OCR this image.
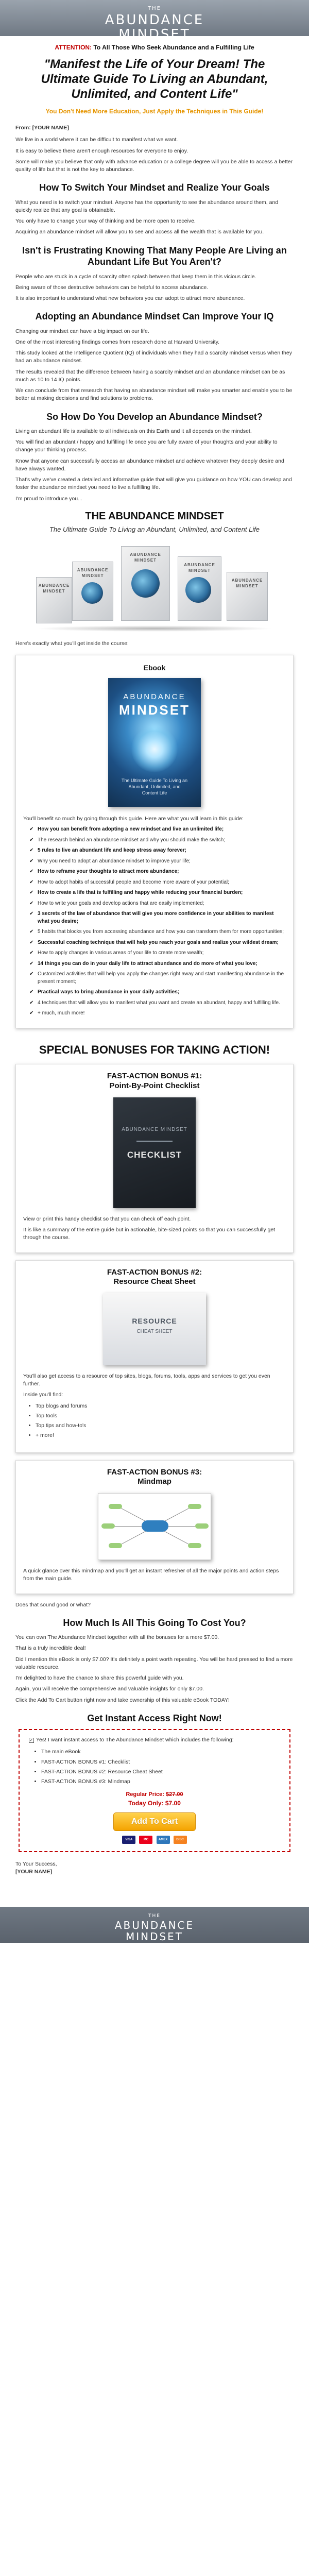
THE
ABUNDANCE
MINDSET
ATTENTION: To All Those Who Seek Abundance and a Fulfilling Life
"Manifest the Life of Your Dream! The Ultimate Guide To Living an Abundant, Unlimited, and Content Life"
You Don't Need More Education, Just Apply the Techniques in This Guide!

From: [YOUR NAME]

We live in a world where it can be difficult to manifest what we want.

It is easy to believe there aren't enough resources for everyone to enjoy.

Some will make you believe that only with advance education or a college degree will you be able to access a better quality of life but that is not the key to abundance.

How To Switch Your Mindset and Realize Your Goals

What you need is to switch your mindset. Anyone has the opportunity to see the abundance around them, and quickly realize that any goal is obtainable.

You only have to change your way of thinking and be more open to receive.

Acquiring an abundance mindset will allow you to see and access all the wealth that is available for you.

Isn't is Frustrating Knowing That Many People Are Living an Abundant Life But You Aren't?

People who are stuck in a cycle of scarcity often splash between that keep them in this vicious circle.

Being aware of those destructive behaviors can be helpful to access abundance.

It is also important to understand what new behaviors you can adopt to attract more abundance.

Adopting an Abundance Mindset Can Improve Your IQ

Changing our mindset can have a big impact on our life.

One of the most interesting findings comes from research done at Harvard University.

This study looked at the Intelligence Quotient (IQ) of individuals when they had a scarcity mindset versus when they had an abundance mindset.

The results revealed that the difference between having a scarcity mindset and an abundance mindset can be as much as 10 to 14 IQ points.

We can conclude from that research that having an abundance mindset will make you smarter and enable you to be better at making decisions and find solutions to problems.

So How Do You Develop an Abundance Mindset?

Living an abundant life is available to all individuals on this Earth and it all depends on the mindset.

You will find an abundant / happy and fulfilling life once you are fully aware of your thoughts and your ability to change your thinking process.

Know that anyone can successfully access an abundance mindset and achieve whatever they deeply desire and have always wanted.

That's why we've created a detailed and informative guide that will give you guidance on how YOU can develop and foster the abundance mindset you need to live a fulfilling life.

I'm proud to introduce you...

THE ABUNDANCE MINDSET
The Ultimate Guide To Living an Abundant, Unlimited, and Content Life
ABUNDANCE MINDSET
ABUNDANCE MINDSET
ABUNDANCE MINDSET
ABUNDANCE MINDSET
ABUNDANCE MINDSET

Here's exactly what you'll get inside the course:

Ebook
ABUNDANCE
MINDSET
The Ultimate Guide To Living an Abundant, Unlimited, and Content Life

You'll benefit so much by going through this guide. Here are what you will learn in this guide:

✔ How you can benefit from adopting a new mindset and live an unlimited life;
✔ The research behind an abundance mindset and why you should make the switch;
✔ 5 rules to live an abundant life and keep stress away forever;
✔ Why you need to adopt an abundance mindset to improve your life;
✔ How to reframe your thoughts to attract more abundance;
✔ How to adopt habits of successful people and become more aware of your potential;
✔ How to create a life that is fulfilling and happy while reducing your financial burden;
✔ How to write your goals and develop actions that are easily implemented;
✔ 3 secrets of the law of abundance that will give you more confidence in your abilities to manifest what you desire;
✔ 5 habits that blocks you from accessing abundance and how you can transform them for more opportunities;
✔ Successful coaching technique that will help you reach your goals and realize your wildest dream;
✔ How to apply changes in various areas of your life to create more wealth;
✔ 14 things you can do in your daily life to attract abundance and do more of what you love;
✔ Customized activities that will help you apply the changes right away and start manifesting abundance in the present moment;
✔ Practical ways to bring abundance in your daily activities;
✔ 4 techniques that will allow you to manifest what you want and create an abundant, happy and fulfilling life.
✔ + much, much more!
SPECIAL BONUSES FOR TAKING ACTION!
FAST-ACTION BONUS #1:
Point-By-Point Checklist
ABUNDANCE MINDSET
CHECKLIST

View or print this handy checklist so that you can check off each point.

It is like a summary of the entire guide but in actionable, bite-sized points so that you can successfully get through the course.

FAST-ACTION BONUS #2:
Resource Cheat Sheet
RESOURCE
CHEAT SHEET

You'll also get access to a resource of top sites, blogs, forums, tools, apps and services to get you even further.

Inside you'll find:

• Top blogs and forums
• Top tools
• Top tips and how-to's
• + more!
FAST-ACTION BONUS #3:
Mindmap

A quick glance over this mindmap and you'll get an instant refresher of all the major points and action steps from the main guide.

Does that sound good or what?

How Much Is All This Going To Cost You?

You can own The Abundance Mindset together with all the bonuses for a mere $7.00.

That is a truly incredible deal!

Did I mention this eBook is only $7.00? It's definitely a point worth repeating. You will be hard pressed to find a more valuable resource.

I'm delighted to have the chance to share this powerful guide with you.

Again, you will receive the comprehensive and valuable insights for only $7.00.

Click the Add To Cart button right now and take ownership of this valuable eBook TODAY!

Get Instant Access Right Now!
✓ Yes! I want instant access to The Abundance Mindset which includes the following:
• The main eBook
• FAST-ACTION BONUS #1: Checklist
• FAST-ACTION BONUS #2: Resource Cheat Sheet
• FAST-ACTION BONUS #3: Mindmap
Regular Price: $27.00
Today Only: $7.00
Add To Cart
VISA	MC	AMEX	DISC
To Your Success,
[YOUR NAME]
THE
ABUNDANCE
MINDSET
